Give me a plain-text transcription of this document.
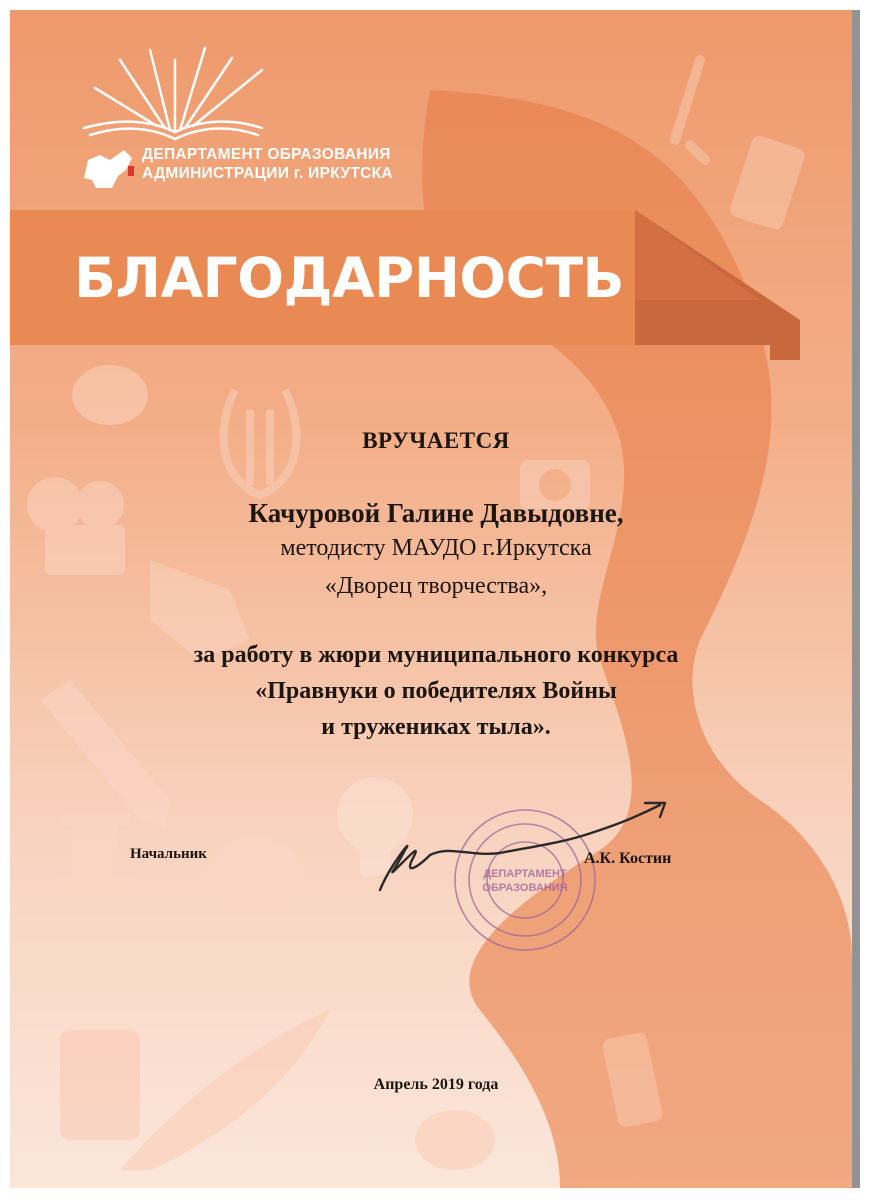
ДЕПАРТАМЕНТ ОБРАЗОВАНИЯ
АДМИНИСТРАЦИИ г. ИРКУТСКА
БЛАГОДАРНОСТЬ
ВРУЧАЕТСЯ
Качуровой Галине Давыдовне,
методисту МАУДО г.Иркутска
«Дворец творчества»,
за работу в жюри муниципального конкурса
«Правнуки о победителях Войны
и тружениках тыла».
ДЕПАРТАМЕНТ
ОБРАЗОВАНИЯ
Начальник	А.К. Костин
Апрель 2019 года
